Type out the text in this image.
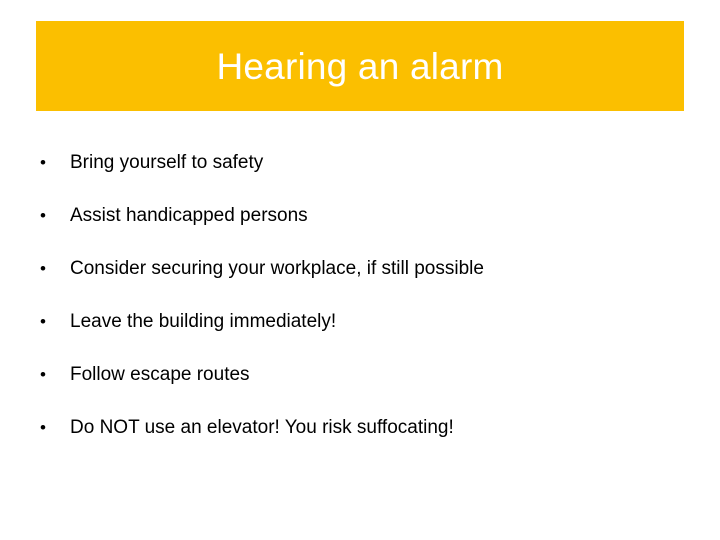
Hearing an alarm
•	Bring yourself to safety
•	Assist handicapped persons
•	Consider securing your workplace, if still possible
•	Leave the building immediately!
•	Follow escape routes
•	Do NOT use an elevator! You risk suffocating!
